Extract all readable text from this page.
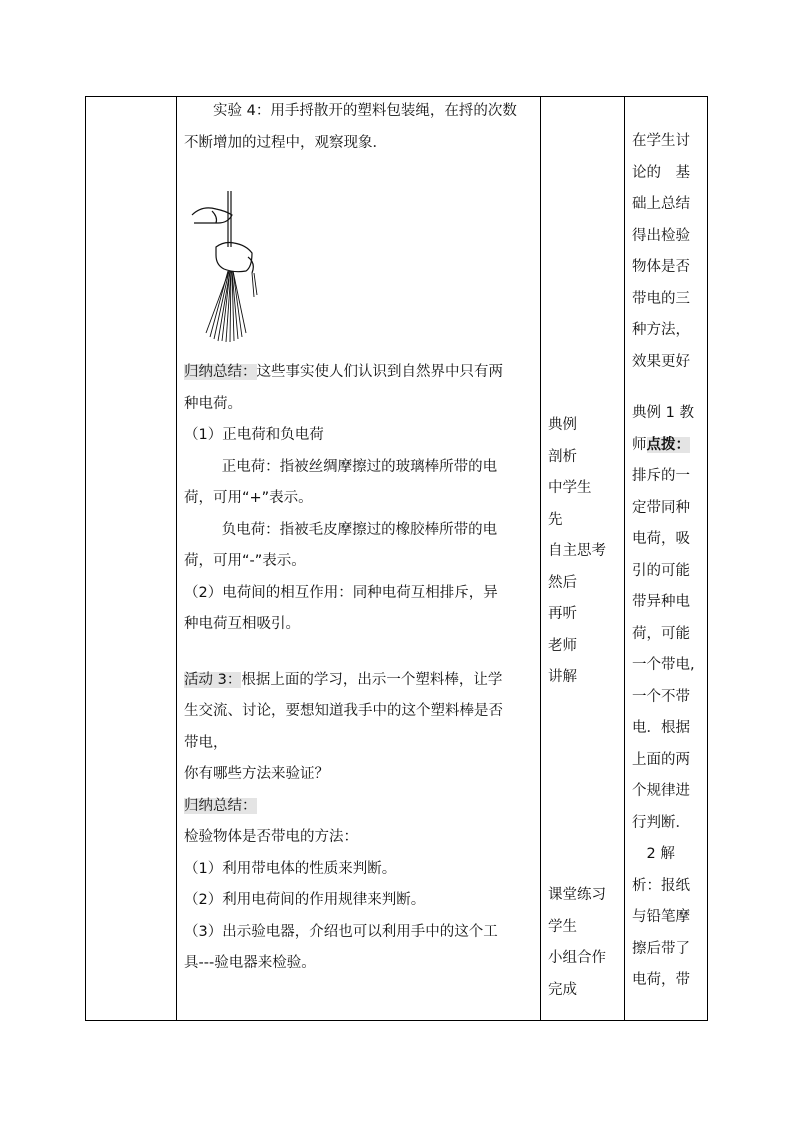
实验 4：用手捋散开的塑料包装绳，在捋的次数

不断增加的过程中，观察现象．

归纳总结：这些事实使人们认识到自然界中只有两

种电荷。

（1）正电荷和负电荷

正电荷：指被丝绸摩擦过的玻璃棒所带的电

荷，可用“+”表示。

负电荷：指被毛皮摩擦过的橡胶棒所带的电

荷，可用“-”表示。

（2）电荷间的相互作用：同种电荷互相排斥，异

种电荷互相吸引。

活动 3：根据上面的学习，出示一个塑料棒，让学

生交流、讨论，要想知道我手中的这个塑料棒是否

带电，

你有哪些方法来验证？

归纳总结：

检验物体是否带电的方法：

（1）利用带电体的性质来判断。

（2）利用电荷间的作用规律来判断。

（3）出示验电器，介绍也可以利用手中的这个工

具---验电器来检验。

典例

剖析

中学生

先

自主思考

然后

再听

老师

讲解

课堂练习

学生

小组合作

完成

在学生讨

论的　基

础上总结

得出检验

物体是否

带电的三

种方法，

效果更好

典例 1 教

师点拨：

排斥的一

定带同种

电荷，吸

引的可能

带异种电

荷，可能

一个带电,

一个不带

电．根据

上面的两

个规律进

行判断．

　2 解

析：报纸

与铅笔摩

擦后带了

电荷，带
